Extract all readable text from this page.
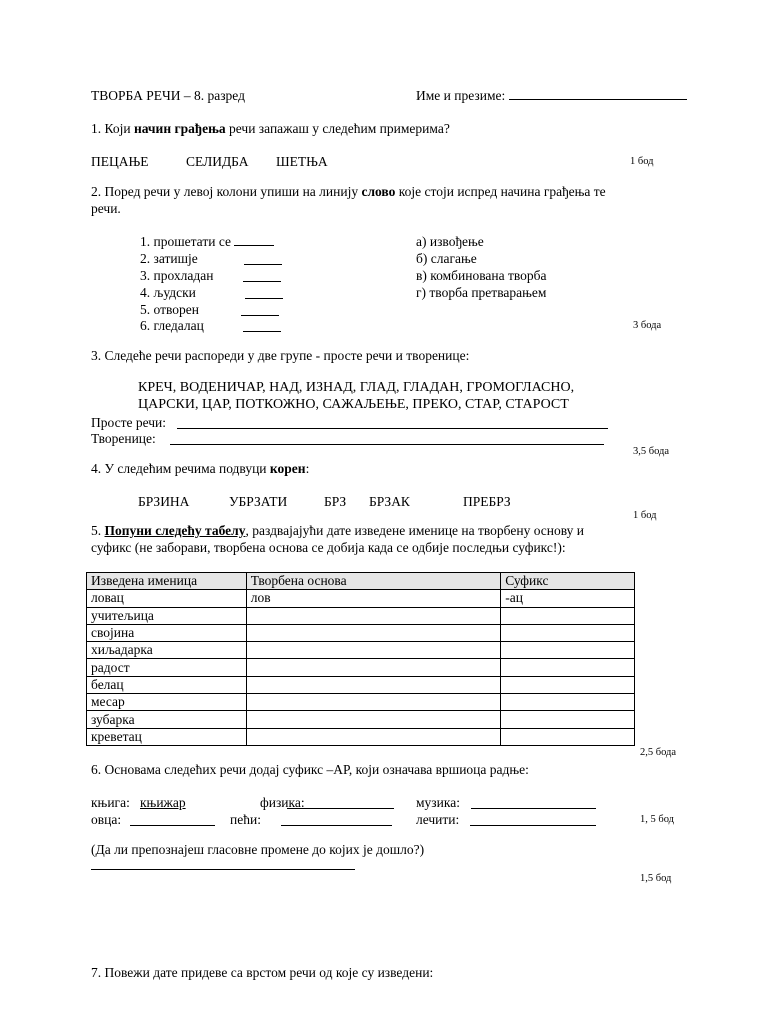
ТВОРБА РЕЧИ – 8. разред	Име и презиме:
1. Који начин грађења речи запажаш у следећим примерима?
ПЕЦАЊЕ	СЕЛИДБА ШЕТЊА	1 бод
2. Поред речи у левој колони упиши на линију слово које стоји испред начина грађења те
речи.
1. прошетати се
2. затишје
3. прохладан
4. људски
5. отворен
6. гледалац
а) извођење
б) слагање
в) комбинована творба
г) творба претварањем
3 бода
3. Следеће речи распореди у две групе - просте речи и творенице:
КРЕЧ, ВОДЕНИЧАР, НАД, ИЗНАД, ГЛАД, ГЛАДАН, ГРОМОГЛАСНО,
ЦАРСКИ, ЦАР, ПОТКОЖНО, САЖАЉЕЊЕ, ПРЕКО, СТАР, СТАРОСТ
Просте речи:
Творенице:
3,5 бода
4. У следећим речима подвуци корен:
БРЗИНА	УБРЗАТИ	БРЗ БРЗАК	ПРЕБРЗ
1 бод
5. Попуни следећу табелу, раздвајајући дате изведене именице на творбену основу и
суфикс (не заборави, творбена основа се добија када се одбије последњи суфикс!):
Изведена именица	Творбена основа	Суфикс
ловац	лов	-ац
учитељица		
својина		
хиљадарка		
радост		
белац		
месар		
зубарка		
креветац		
2,5 бода
6. Основама следећих речи додај суфикс –АР, који означава вршиоца радње:
књига: књижар	физика:	музика:
овца:	пећи:	лечити:	1, 5 бод
(Да ли препознајеш гласовне промене до којих је дошло?)
1,5 бод
7. Повежи дате придеве са врстом речи од које су изведени:
